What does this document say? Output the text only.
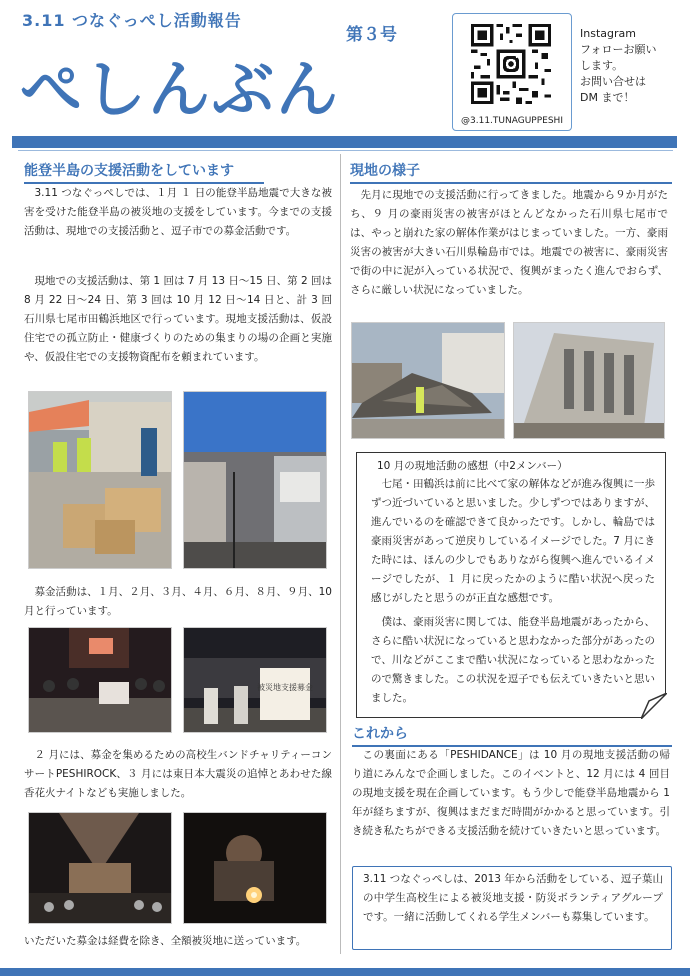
3.11 つなぐっぺし活動報告
ぺしんぶん
第３号
@3.11.TUNAGUPPESHI
Instagram
フォローお願い
します。
お問い合せは
DM まで！
能登半島の支援活動をしています
3.11 つなぐっぺしでは、１月 １ 日の能登半島地震で大きな被害を受けた能登半島の被災地の支援をしています。今までの支援活動は、現地での支援活動と、逗子市での募金活動です。
現地での支援活動は、第 1 回は 7 月 13 日～15 日、第 2 回は 8 月 22 日～24 日、第 3 回は 10 月 12 日～14 日と、計 3 回石川県七尾市田鶴浜地区で行っています。現地支援活動は、仮設住宅での孤立防止・健康づくりのための集まりの場の企画と実施や、仮設住宅での支援物資配布を頼まれています。
募金活動は、１月、２月、３月、４月、６月、８月、９月、10月と行っています。
被災地支援募金
２ 月には、募金を集めるための高校生バンドチャリティーコンサートPESHIROCK、３ 月には東日本大震災の追悼とあわせた線香花火ナイトなども実施しました。
いただいた募金は経費を除き、全額被災地に送っています。
現地の様子
先月に現地での支援活動に行ってきました。地震から９か月がたち、９ 月の豪雨災害の被害がほとんどなかった石川県七尾市では、やっと崩れた家の解体作業がはじまっていました。一方、豪雨災害の被害が大きい石川県輪島市では。地震での被害に、豪雨災害で街の中に泥が入っている状況で、復興がまったく進んでおらず、さらに厳しい状況になっていました。
10 月の現地活動の感想（中2メンバー）
七尾・田鶴浜は前に比べて家の解体などが進み復興に一歩ずつ近づいていると思いました。少しずつではありますが、進んでいるのを確認できて良かったです。しかし、輪島では豪雨災害があって逆戻りしているイメージでした。7 月にきた時には、ほんの少しでもありながら復興へ進んでいるイメージでしたが、１ 月に戻ったかのように酷い状況へ戻った感じがしたと思うのが正直な感想です。
僕は、豪雨災害に関しては、能登半島地震があったから、さらに酷い状況になっていると思わなかった部分があったので、川などがここまで酷い状況になっていると思わなかったので驚きました。この状況を逗子でも伝えていきたいと思いました。
これから
この裏面にある「PESHIDANCE」は 10 月の現地支援活動の帰り道にみんなで企画しました。このイベントと、12 月には 4 回目の現地支援を現在企画しています。もう少しで能登半島地震から 1 年が経ちますが、復興はまだまだ時間がかかると思っています。引き続き私たちができる支援活動を続けていきたいと思っています。
3.11 つなぐっぺしは、2013 年から活動をしている、逗子葉山の中学生高校生による被災地支援・防災ボランティアグループです。一緒に活動してくれる学生メンバーも募集しています。
